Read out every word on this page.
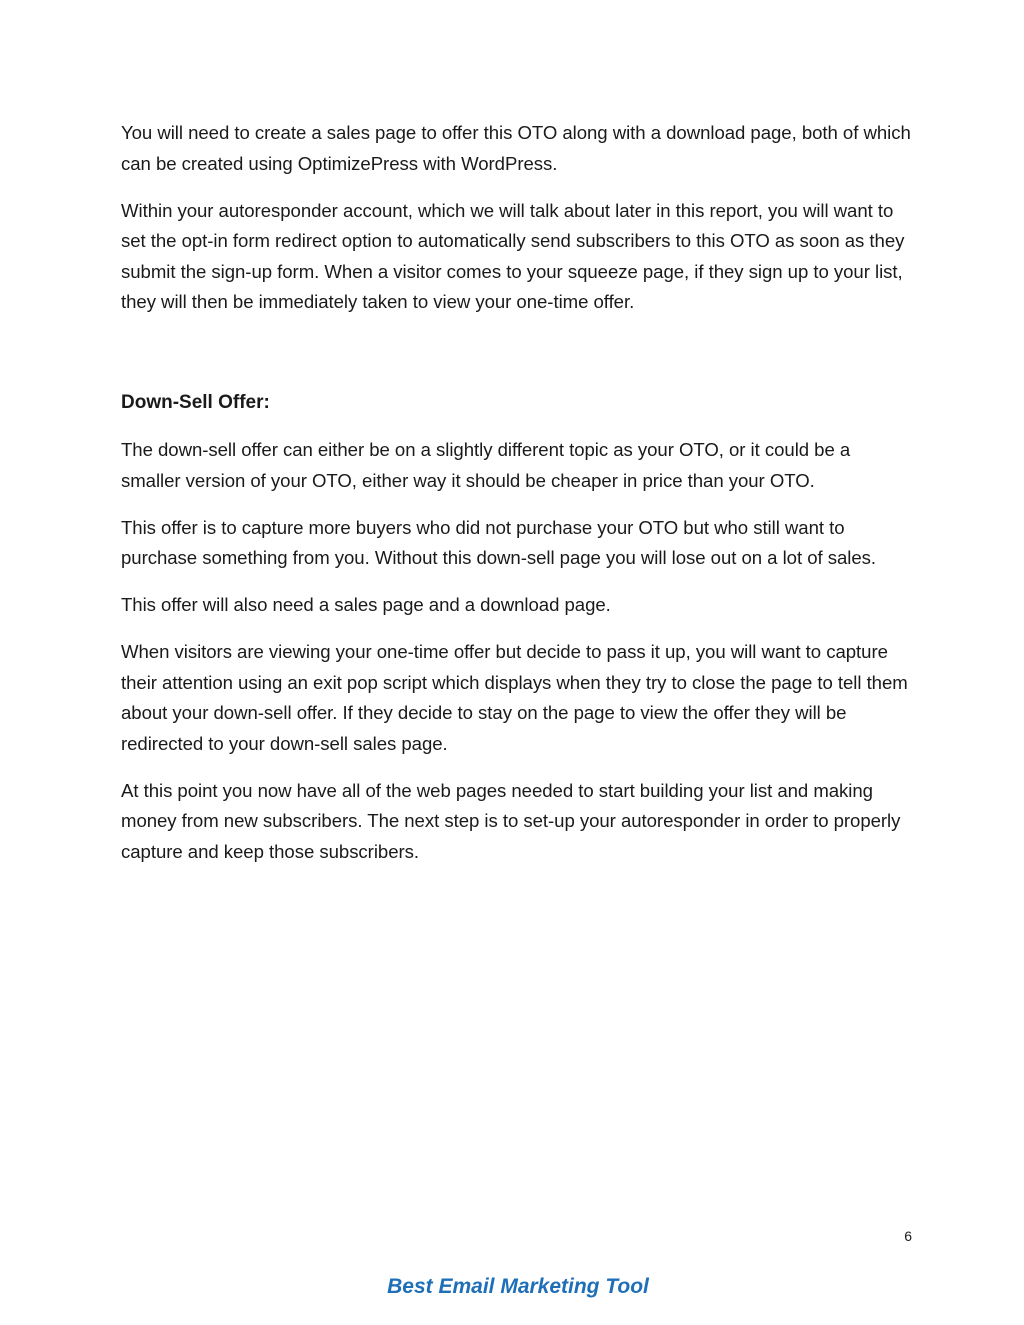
You will need to create a sales page to offer this OTO along with a download page, both of which can be created using OptimizePress with WordPress.

Within your autoresponder account, which we will talk about later in this report, you will want to set the opt-in form redirect option to automatically send subscribers to this OTO as soon as they submit the sign-up form. When a visitor comes to your squeeze page, if they sign up to your list, they will then be immediately taken to view your one-time offer.

Down-Sell Offer:

The down-sell offer can either be on a slightly different topic as your OTO, or it could be a smaller version of your OTO, either way it should be cheaper in price than your OTO.

This offer is to capture more buyers who did not purchase your OTO but who still want to purchase something from you. Without this down-sell page you will lose out on a lot of sales.

This offer will also need a sales page and a download page.

When visitors are viewing your one-time offer but decide to pass it up, you will want to capture their attention using an exit pop script which displays when they try to close the page to tell them about your down-sell offer. If they decide to stay on the page to view the offer they will be redirected to your down-sell sales page.

At this point you now have all of the web pages needed to start building your list and making money from new subscribers. The next step is to set-up your autoresponder in order to properly capture and keep those subscribers.

6
Best Email Marketing Tool
